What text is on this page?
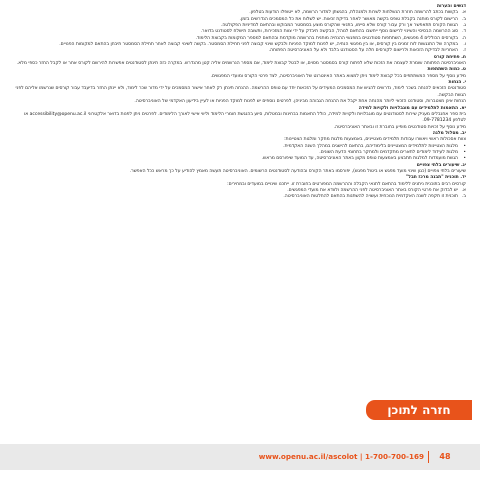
דגשים והערות
א.
בקשות בכתב להרשמה חוזרת הנשלחות לשרות ולמנהלת, בהגשתן למדור הרשמה, לא ייטופלו הודעות בטלפון.
ב.
הרישום לקורס מותנה בקבלת טופס בקשה מאושר לאחר בדיקת זכאות. יש לשלוח את כל המסמכים הנדרשים בזמן.
ג.
הגשת הקורס תתאפשר אך ורק עבור קורס שלא סיימו, בתנאי שהקורס מוצע בסמסטר המבוקש ובהתאם למדיניות הפקולטה.
ד.
סוג ההרשמה הבסיסי והשינוי לרישום נוסף ייחשבו בהתאם לנוהל, הבקשה תיבדק על ידי צוות המזכירות, ותשובה תישלח לסטודנט בדואר.
ה.
בקורסים הכוללים 4 מפגשים, השתתפות סטודנטים במפגשי ההנחיה מותנית בהרשמה מוקדמת ובהתאם למספר המקומות בקבוצת הלימוד.
ו.
במקרה של התנגשות לוח זמנים בין קורסים, או בין מפגשי הנחיה, יש לפנות למוקד הפניות ולבקש שינוי קבוצה לפני תחילת הסמסטר. בקשה לשינוי קבוצה לאחר תחילת הסמסטר תיבחן בהתאם למקומות הפנויים.
ז.
האחריות לבדיקת הזכאות ולרישום לקורסים חלה על הסטודנט בלבד ולא על האוניברסיטה הפתוחה.
ח. פתיחת קורס

האוניברסיטה הפתוחה שומרת לעצמה את הזכות שלא לפתוח קורס בסמסטר מסוים, או לבטל קבוצת לימוד, אם מספר הנרשמים אליה קטן מהנדרש. במקרה כזה תינתן לסטודנטים אפשרות להירשם לקורס אחר או לקבל החזר כספי מלא.

ט. כמות השתתפות

מידע נוסף על מספר המשתתפים בכל קבוצת לימוד ניתן למצוא באתר האינטרנט של האוניברסיטה, לצד פרטי הקורס ומועדי המפגשים.

י. הנחות

סטודנטים הזכאים להנחה בשכר לימוד, נדרשים להגיש את המסמכים המעידים על הזכאות יחד עם טופס ההרשמה. ההנחה תינתן רק לאחר אישור המסמכים על ידי מדור שכר לימוד, ולא יינתן החזר בדיעבד עבור קורסים שנרשמו אליהם לפני הגשת הבקשה.

הנחות אינן מצטברות, וסטודנט הזכאי ליותר מהנחה אחת יקבל את ההנחה הגבוהה מביניהן. לפרטים נוספים יש לפנות למוקד הפניות או לעיין בידיעון האקדמי של האוניברסיטה.

יא. התאמות לתלמידים עם מוגבלויות ולקויות למידה

בית ספר אחנבלים מעניק שירות לסטודנטים עם מוגבלויות ולקויות למידה, כולל התאמות בבחינות ובמטלות, סיוע בהנגשת חומרי הלימוד וליווי אישי לאורך הלימודים. לפרטים ניתן לפנות בדואר אלקטרוני accessibility@openu.ac.il או לטלפון 09-7781234.

מידע נוסף על זכויות סטודנטים מופיע בחוברת זו ובאתר האוניברסיטה.

יב. מסלול מלגה

צוות אסכולות ראשי ויאשרו עבודות תלמידים מצטיינים, באמצעות מלגות מחקר ומלגות הצטיינות:

•
מלגות הצטיינות לתלמידים המצטיינים בלימודיהם, בהתאם להישגים במהלך השנה האקדמית.
•
מלגות לעידוד לימודים לתארים מתקדמים ולמחקר בתחומי הדעת השונים.
•
הגשת מועמדות למלגות תתבצע באמצעות טופס מקוון באתר האוניברסיטה, עד המועד שיפורסם מראש.
יג. שיעורים בלתי צפויים

שיעורים בלתי צפויים (כגון שינוי מועד מפגש או ביטול מפגש), יפורסמו באתר הקורס ובהודעה לסטודנטים הרשומים. האוניברסיטה תעשה מאמץ להודיע על כך מראש ככל האפשר.

יד. תוכנית "תבנה מרכז תבל"

קורסים רבים בתוכנית ניתנים ללימוד בהתאם לתנאי הקבלה וההרשמה המפורטים בחוברת זו. ייתכנו שינויים במועדים ובמחירים:

א.
יש לבדוק את פרטי הקורס באתר האוניברסיטה לפני ההרשמה ולוודא את מועדי המפגשים.
ב.
תוכנית זו תקפה לשנה האקדמית הנוכחית ועשויה להשתנות בהתאם להחלטות האוניברסיטה.
חזרה לתוכן העניינים
www.openu.ac.il/ascolot | 1-700-700-169	48
